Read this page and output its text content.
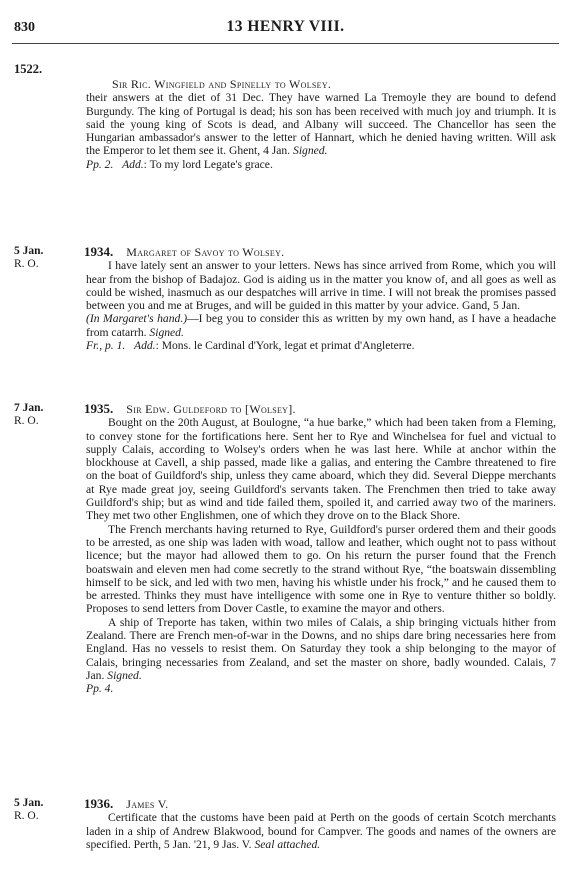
830	13 HENRY VIII.
1522.

Sir Ric. Wingfield and Spinelly to Wolsey.

their answers at the diet of 31 Dec. They have warned La Tremoyle they are bound to defend Burgundy. The king of Portugal is dead; his son has been received with much joy and triumph. It is said the young king of Scots is dead, and Albany will succeed. The Chancellor has seen the Hungarian ambassador's answer to the letter of Hannart, which he denied having written. Will ask the Emperor to let them see it. Ghent, 4 Jan. Signed.

Pp. 2. Add.: To my lord Legate's grace.

5 Jan.
R. O.

1934. Margaret of Savoy to Wolsey.

I have lately sent an answer to your letters. News has since arrived from Rome, which you will hear from the bishop of Badajoz. God is aiding us in the matter you know of, and all goes as well as could be wished, inasmuch as our despatches will arrive in time. I will not break the promises passed between you and me at Bruges, and will be guided in this matter by your advice. Gand, 5 Jan.

(In Margaret's hand.)—I beg you to consider this as written by my own hand, as I have a headache from catarrh. Signed.

Fr., p. 1. Add.: Mons. le Cardinal d'York, legat et primat d'Angleterre.

7 Jan.
R. O.

1935. Sir Edw. Guldeford to [Wolsey].

Bought on the 20th August, at Boulogne, “a hue barke,” which had been taken from a Fleming, to convey stone for the fortifications here. Sent her to Rye and Winchelsea for fuel and victual to supply Calais, according to Wolsey's orders when he was last here. While at anchor within the blockhouse at Cavell, a ship passed, made like a galias, and entering the Cambre threatened to fire on the boat of Guildford's ship, unless they came aboard, which they did. Several Dieppe merchants at Rye made great joy, seeing Guildford's servants taken. The Frenchmen then tried to take away Guildford's ship; but as wind and tide failed them, spoiled it, and carried away two of the mariners. They met two other Englishmen, one of which they drove on to the Black Shore.

The French merchants having returned to Rye, Guildford's purser ordered them and their goods to be arrested, as one ship was laden with woad, tallow and leather, which ought not to pass without licence; but the mayor had allowed them to go. On his return the purser found that the French boatswain and eleven men had come secretly to the strand without Rye, “the boatswain dissembling himself to be sick, and led with two men, having his whistle under his frock,” and he caused them to be arrested. Thinks they must have intelligence with some one in Rye to venture thither so boldly. Proposes to send letters from Dover Castle, to examine the mayor and others.

A ship of Treporte has taken, within two miles of Calais, a ship bringing victuals hither from Zealand. There are French men-of-war in the Downs, and no ships dare bring necessaries here from England. Has no vessels to resist them. On Saturday they took a ship belonging to the mayor of Calais, bringing necessaries from Zealand, and set the master on shore, badly wounded. Calais, 7 Jan. Signed.

Pp. 4.

5 Jan.
R. O.

1936. James V.

Certificate that the customs have been paid at Perth on the goods of certain Scotch merchants laden in a ship of Andrew Blakwood, bound for Campver. The goods and names of the owners are specified. Perth, 5 Jan. '21, 9 Jas. V. Seal attached.
